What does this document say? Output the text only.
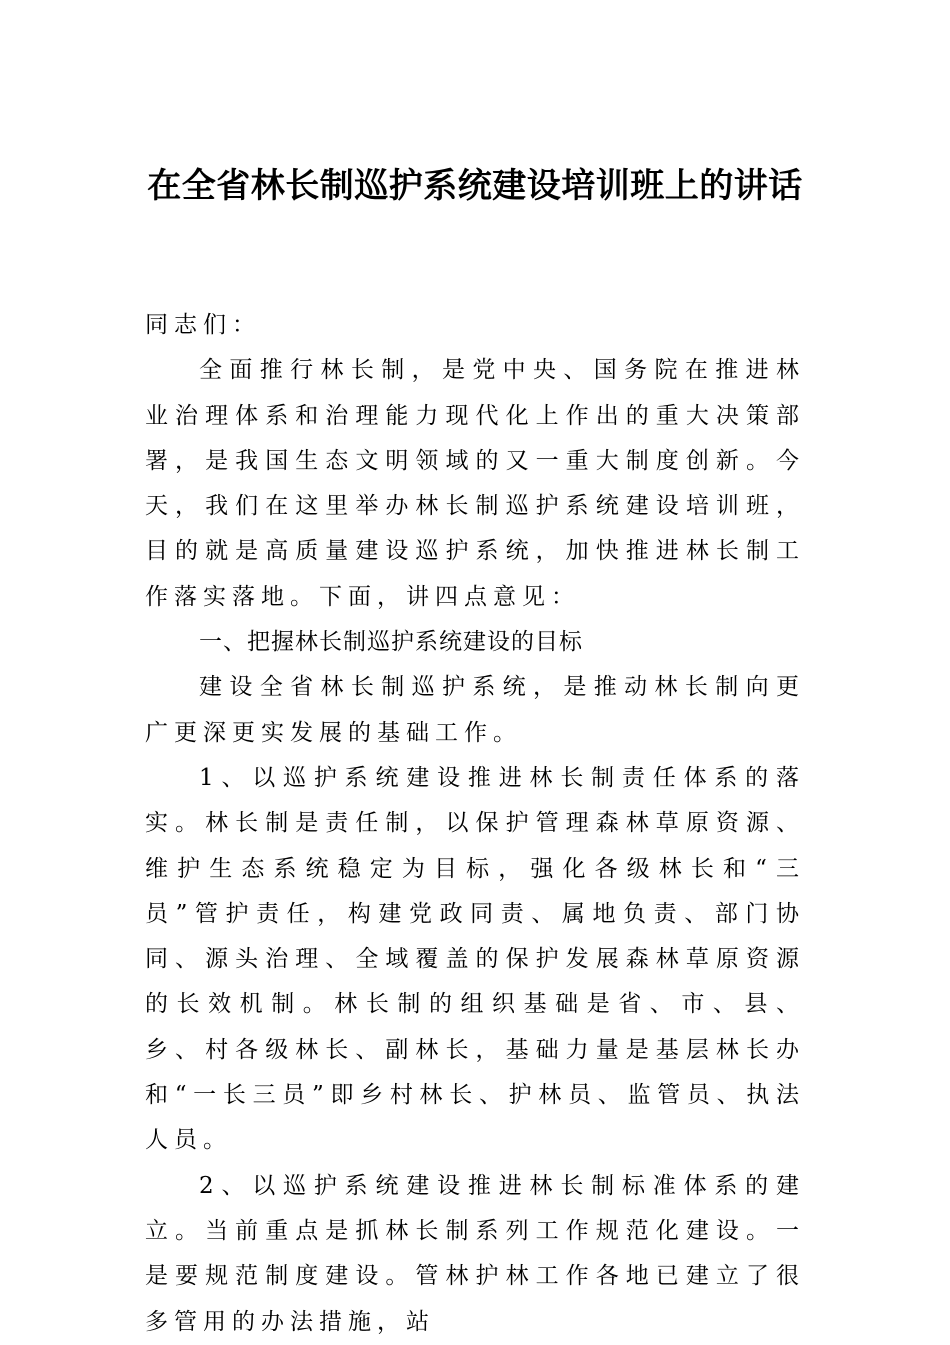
在全省林长制巡护系统建设培训班上的讲话

同志们：

全面推行林长制，是党中央、国务院在推进林业治理体系和治理能力现代化上作出的重大决策部署，是我国生态文明领域的又一重大制度创新。今天，我们在这里举办林长制巡护系统建设培训班，目的就是高质量建设巡护系统，加快推进林长制工作落实落地。下面，讲四点意见：

一、把握林长制巡护系统建设的目标

建设全省林长制巡护系统，是推动林长制向更广更深更实发展的基础工作。

1、以巡护系统建设推进林长制责任体系的落实。林长制是责任制，以保护管理森林草原资源、维护生态系统稳定为目标，强化各级林长和“三员”管护责任，构建党政同责、属地负责、部门协同、源头治理、全域覆盖的保护发展森林草原资源的长效机制。林长制的组织基础是省、市、县、乡、村各级林长、副林长，基础力量是基层林长办和“一长三员”即乡村林长、护林员、监管员、执法人员。

2、以巡护系统建设推进林长制标准体系的建立。当前重点是抓林长制系列工作规范化建设。一是要规范制度建设。管林护林工作各地已建立了很多管用的办法措施，站
